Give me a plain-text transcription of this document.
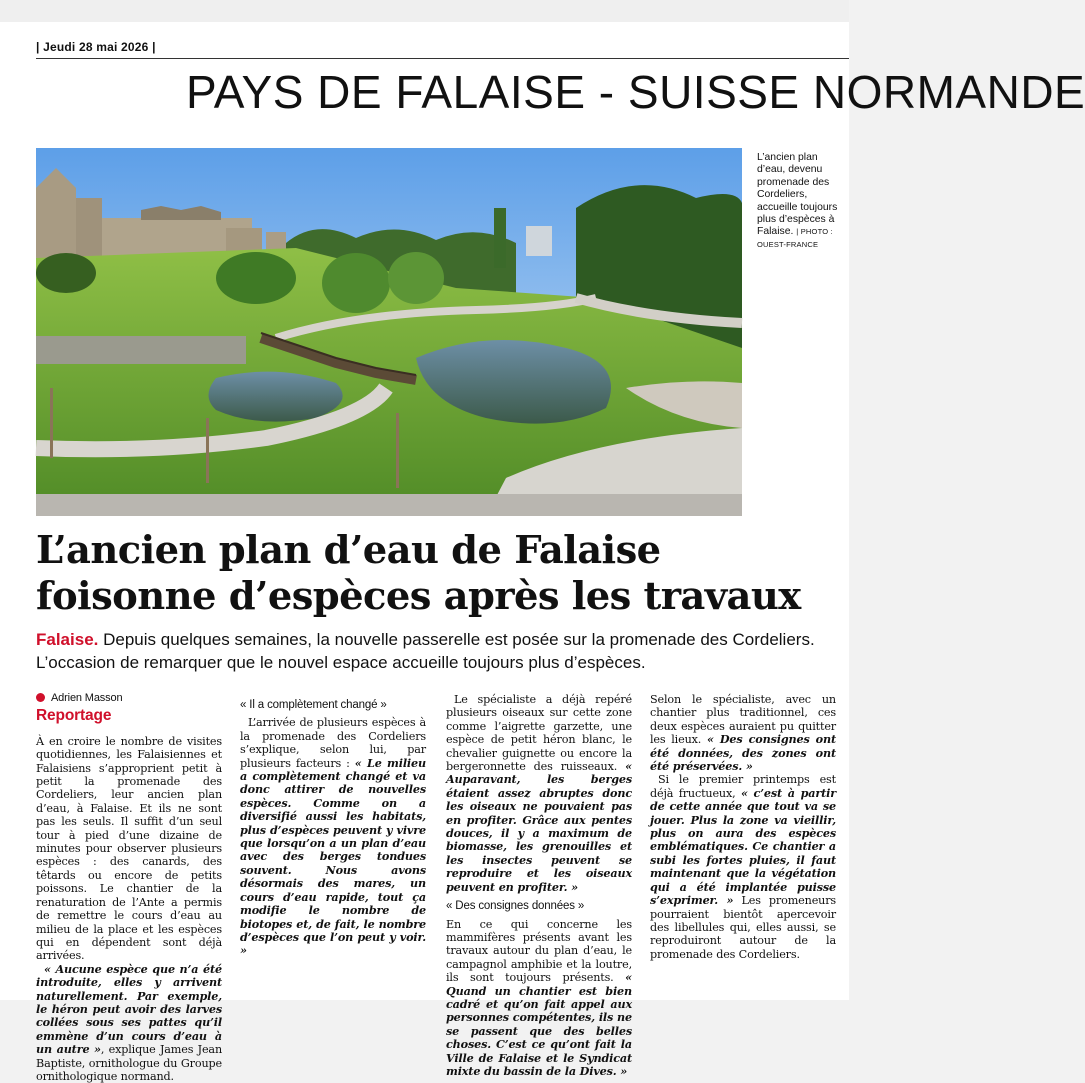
| Jeudi 28 mai 2026 |
PAYS DE FALAISE - SUISSE NORMANDE
L’ancien plan d’eau, devenu promenade des Cordeliers, accueille toujours plus d’espèces à Falaise. | PHOTO : OUEST-FRANCE
L’ancien plan d’eau de Falaise
foisonne d’espèces après les travaux
Falaise. Depuis quelques semaines, la nouvelle passerelle est posée sur la promenade des Cordeliers. L’occasion de remarquer que le nouvel espace accueille toujours plus d’espèces.
Adrien Masson
Reportage

À en croire le nombre de visites quotidiennes, les Falaisiennes et Falaisiens s’approprient petit à petit la promenade des Cordeliers, leur ancien plan d’eau, à Falaise. Et ils ne sont pas les seuls. Il suffit d’un seul tour à pied d’une dizaine de minutes pour observer plusieurs espèces : des canards, des têtards ou encore de petits poissons. Le chantier de la renaturation de l’Ante a permis de remettre le cours d’eau au milieu de la place et les espèces qui en dépendent sont déjà arrivées.

« Aucune espèce que n’a été introduite, elles y arrivent naturellement. Par exemple, le héron peut avoir des larves collées sous ses pattes qu’il emmène d’un cours d’eau à un autre », explique James Jean Baptiste, ornithologue du Groupe ornithologique normand.

« Il a complètement changé »

L’arrivée de plusieurs espèces à la promenade des Cordeliers s’explique, selon lui, par plusieurs facteurs : « Le milieu a complètement changé et va donc attirer de nouvelles espèces. Comme on a diversifié aussi les habitats, plus d’espèces peuvent y vivre que lorsqu’on a un plan d’eau avec des berges tondues souvent. Nous avons désormais des mares, un cours d’eau rapide, tout ça modifie le nombre de biotopes et, de fait, le nombre d’espèces que l’on peut y voir. »

Le spécialiste a déjà repéré plusieurs oiseaux sur cette zone comme l’aigrette garzette, une espèce de petit héron blanc, le chevalier guignette ou encore la bergeronnette des ruisseaux. « Auparavant, les berges étaient assez abruptes donc les oiseaux ne pouvaient pas en profiter. Grâce aux pentes douces, il y a maximum de biomasse, les grenouilles et les insectes peuvent se reproduire et les oiseaux peuvent en profiter. »

« Des consignes données »

En ce qui concerne les mammifères présents avant les travaux autour du plan d’eau, le campagnol amphibie et la loutre, ils sont toujours présents. « Quand un chantier est bien cadré et qu’on fait appel aux personnes compétentes, ils ne se passent que des belles choses. C’est ce qu’ont fait la Ville de Falaise et le Syndicat mixte du bassin de la Dives. »

Selon le spécialiste, avec un chantier plus traditionnel, ces deux espèces auraient pu quitter les lieux. « Des consignes ont été données, des zones ont été préservées. »

Si le premier printemps est déjà fructueux, « c’est à partir de cette année que tout va se jouer. Plus la zone va vieillir, plus on aura des espèces emblématiques. Ce chantier a subi les fortes pluies, il faut maintenant que la végétation qui a été implantée puisse s’exprimer. » Les promeneurs pourraient bientôt apercevoir des libellules qui, elles aussi, se reproduiront autour de la promenade des Cordeliers.
